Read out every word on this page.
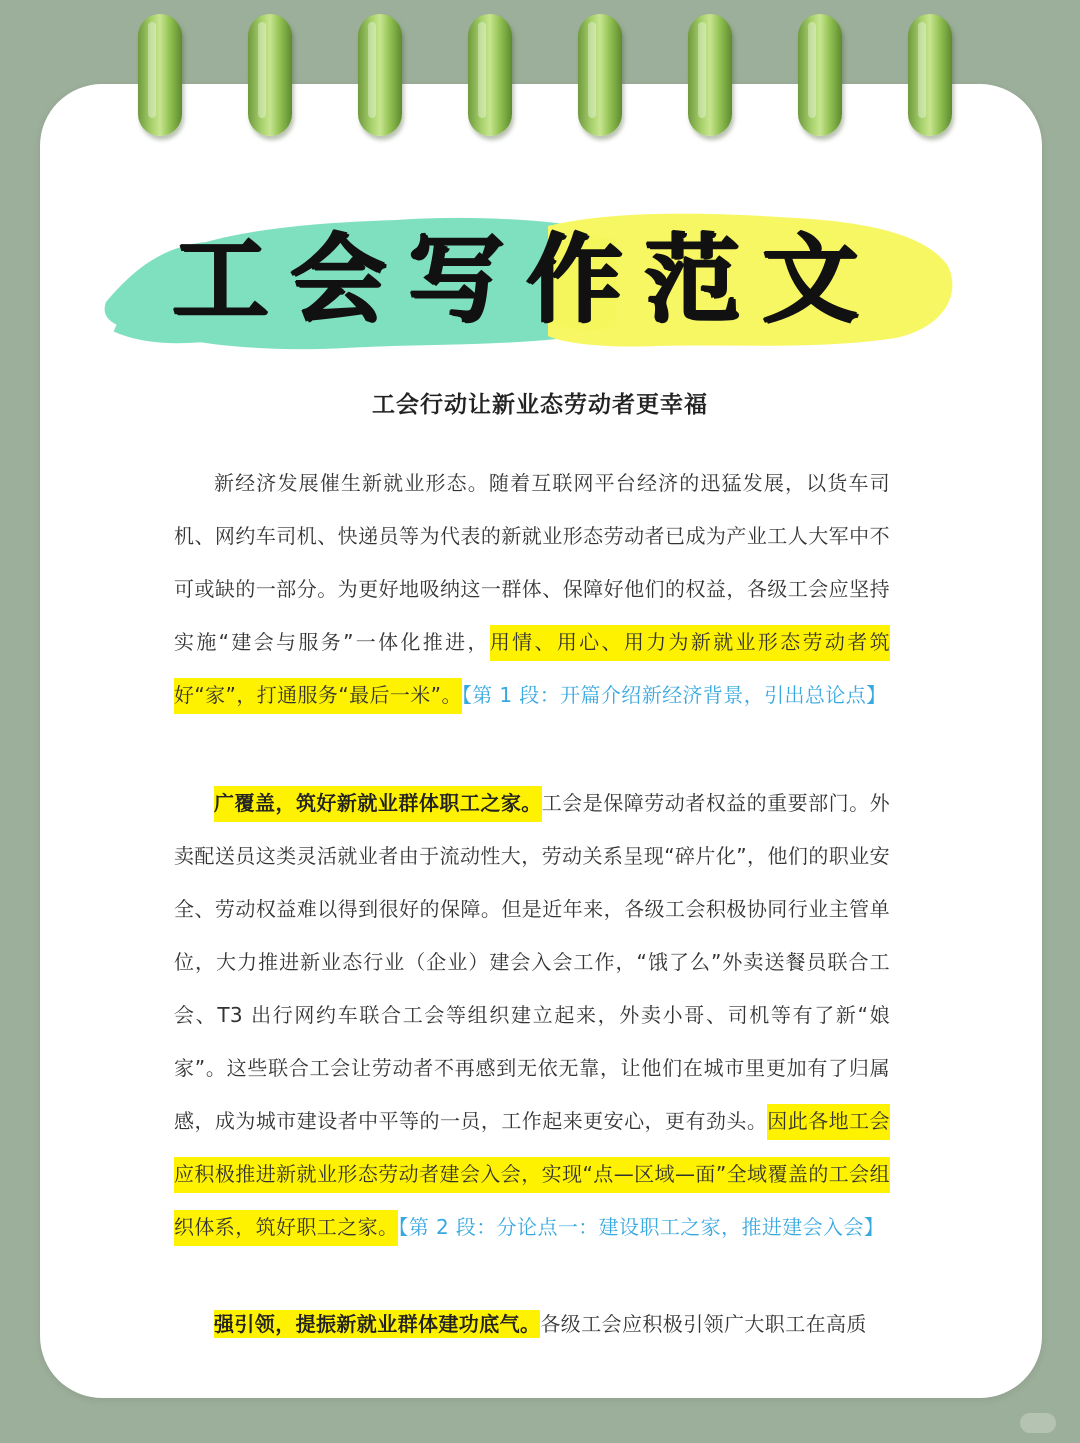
工会写作范文
工会行动让新业态劳动者更幸福
新经济发展催生新就业形态。随着互联网平台经济的迅猛发展，以货车司机、网约车司机、快递员等为代表的新就业形态劳动者已成为产业工人大军中不可或缺的一部分。为更好地吸纳这一群体、保障好他们的权益，各级工会应坚持实施“建会与服务”一体化推进，用情、用心、用力为新就业形态劳动者筑好“家”，打通服务“最后一米”。【第 1 段：开篇介绍新经济背景，引出总论点】
广覆盖，筑好新就业群体职工之家。工会是保障劳动者权益的重要部门。外卖配送员这类灵活就业者由于流动性大，劳动关系呈现“碎片化”，他们的职业安全、劳动权益难以得到很好的保障。但是近年来，各级工会积极协同行业主管单位，大力推进新业态行业（企业）建会入会工作，“饿了么”外卖送餐员联合工会、T3 出行网约车联合工会等组织建立起来，外卖小哥、司机等有了新“娘家”。这些联合工会让劳动者不再感到无依无靠，让他们在城市里更加有了归属感，成为城市建设者中平等的一员，工作起来更安心，更有劲头。因此各地工会应积极推进新就业形态劳动者建会入会，实现“点—区域—面”全域覆盖的工会组织体系，筑好职工之家。【第 2 段：分论点一：建设职工之家，推进建会入会】
强引领，提振新就业群体建功底气。各级工会应积极引领广大职工在高质
